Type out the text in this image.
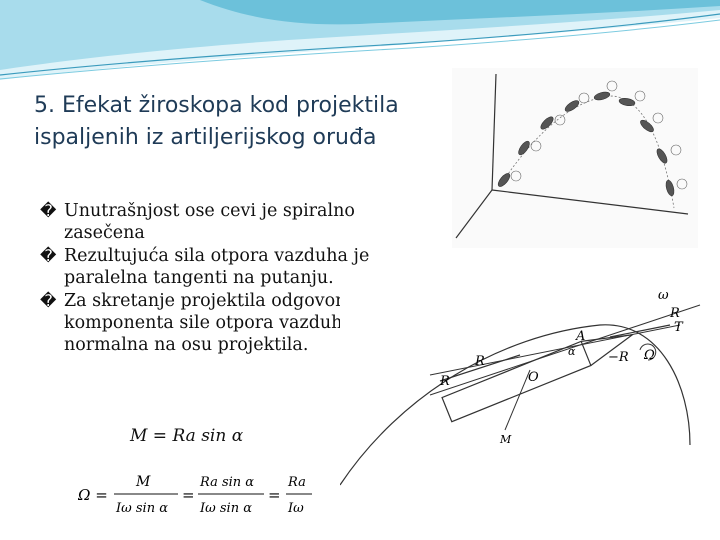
5. Efekat žiroskopa kod projektila
ispaljenih iz artiljerijskog oruđa
� Unutrašnjost ose cevi je spiralno zasečena
� Rezultujuća sila otpora vazduha je paralelna tangenti na putanju.
� Za skretanje projektila odgovorna je komponenta sile otpora vazduha normalna na osu projektila.
ω
R
T
A
α	−R Ω
R
R	O
M
M = Ra sin α
Ω =
M
Iω sin α
=
Ra sin α
Iω sin α
=
Ra
Iω
